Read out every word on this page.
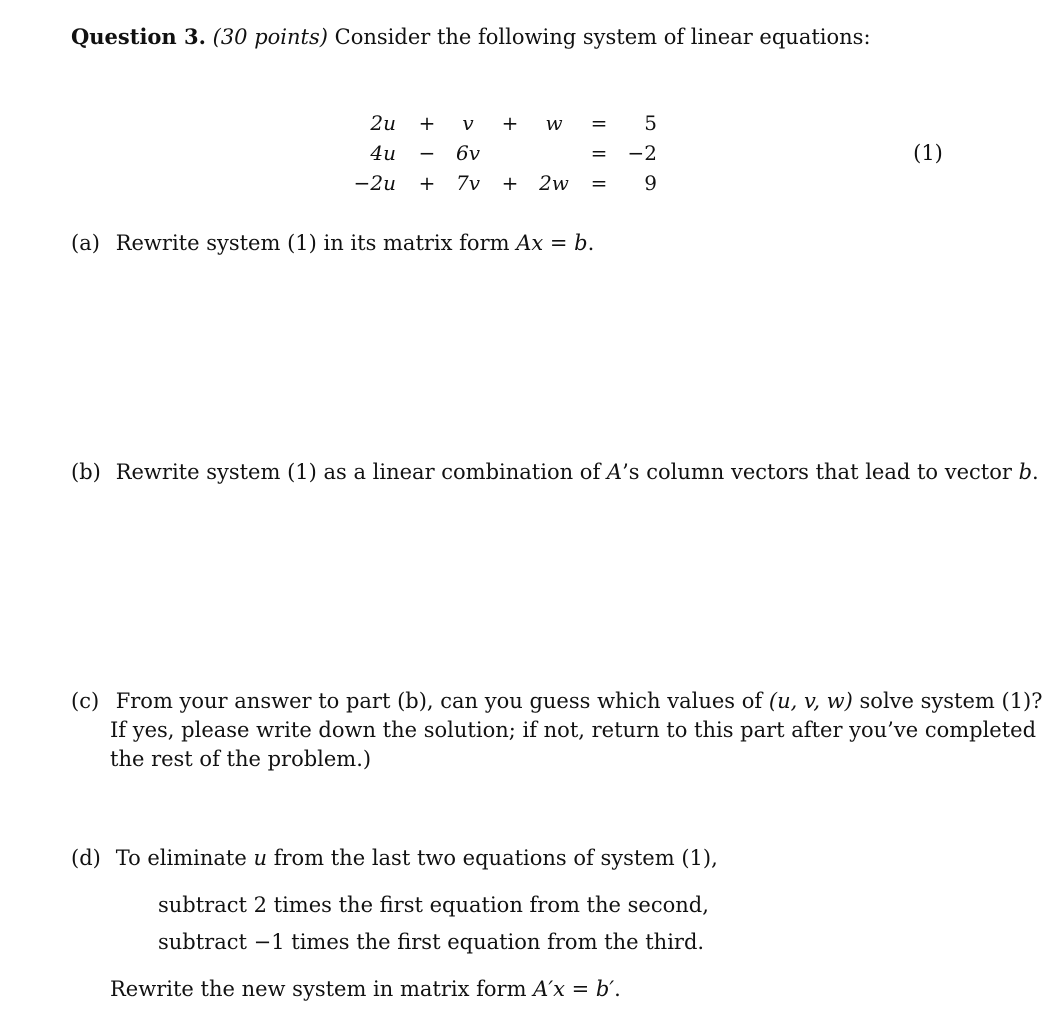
Question 3. (30 points) Consider the following system of linear equations:
2u +	v	+	w	=	5
4u −	6v	=	−2
−2u +	7v	+	2w	=	9
(1)
(a) Rewrite system (1) in its matrix form Ax = b.
(b) Rewrite system (1) as a linear combination of A’s column vectors that lead to vector b.
(c) From your answer to part (b), can you guess which values of (u, v, w) solve system (1)?
If yes, please write down the solution; if not, return to this part after you’ve completed
the rest of the problem.)
(d) To eliminate u from the last two equations of system (1),
subtract 2 times the first equation from the second,
subtract −1 times the first equation from the third.
Rewrite the new system in matrix form A′x = b′.
